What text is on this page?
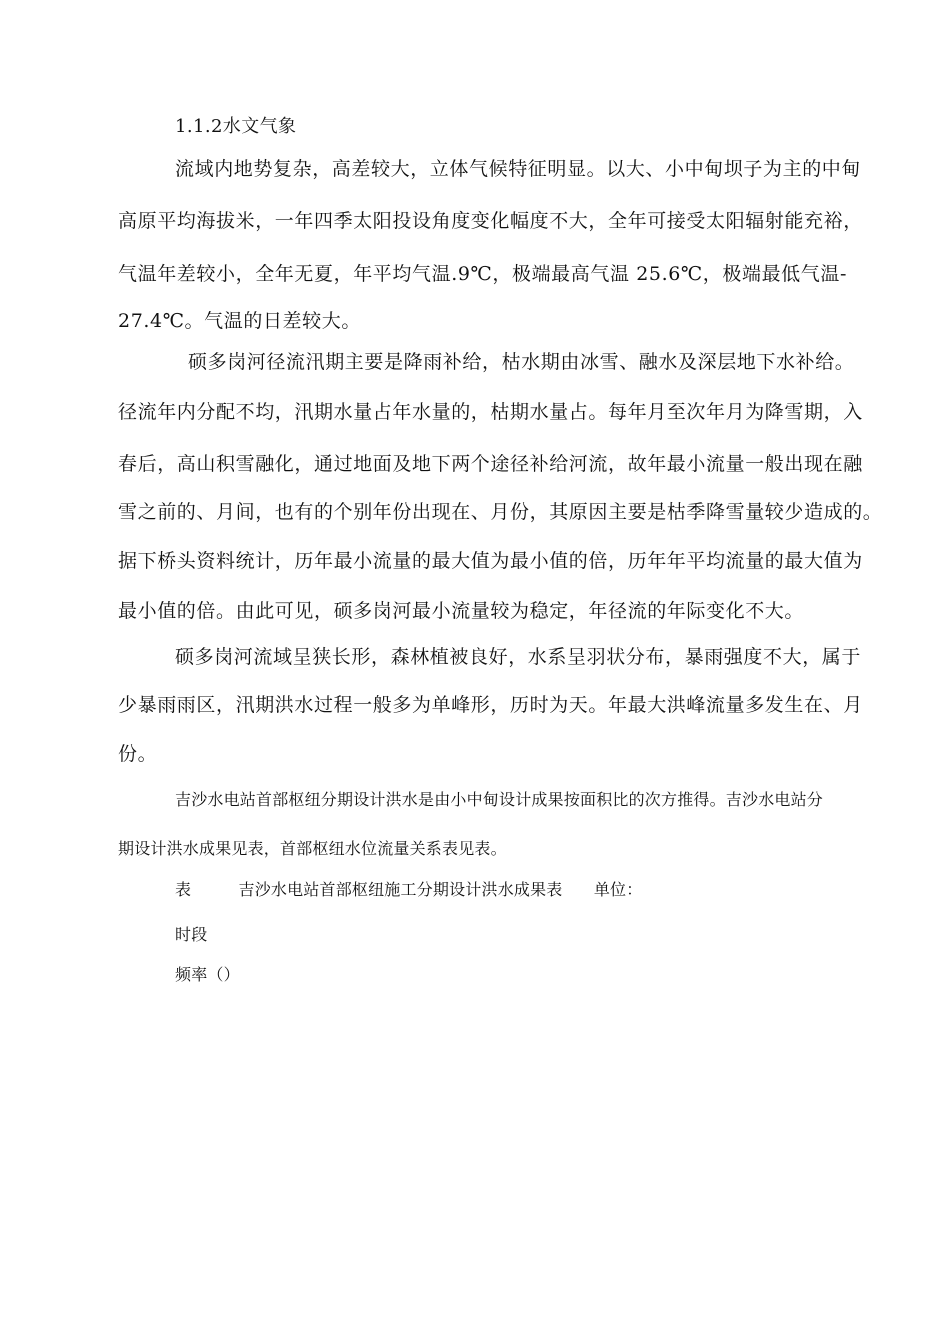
1.1.2水文气象
流域内地势复杂，高差较大，立体气候特征明显。以大、小中甸坝子为主的中甸
高原平均海拔米，一年四季太阳投设角度变化幅度不大，全年可接受太阳辐射能充裕，
气温年差较小，全年无夏，年平均气温.9℃，极端最高气温 25.6℃，极端最低气温-
27.4℃。气温的日差较大。
硕多岗河径流汛期主要是降雨补给，枯水期由冰雪、融水及深层地下水补给。
径流年内分配不均，汛期水量占年水量的，枯期水量占。每年月至次年月为降雪期，入
春后，高山积雪融化，通过地面及地下两个途径补给河流，故年最小流量一般出现在融
雪之前的、月间，也有的个别年份出现在、月份，其原因主要是枯季降雪量较少造成的。
据下桥头资料统计，历年最小流量的最大值为最小值的倍，历年年平均流量的最大值为
最小值的倍。由此可见，硕多岗河最小流量较为稳定，年径流的年际变化不大。
硕多岗河流域呈狭长形，森林植被良好，水系呈羽状分布，暴雨强度不大，属于
少暴雨雨区，汛期洪水过程一般多为单峰形，历时为天。年最大洪峰流量多发生在、月
份。
吉沙水电站首部枢纽分期设计洪水是由小中甸设计成果按面积比的次方推得。吉沙水电站分
期设计洪水成果见表，首部枢纽水位流量关系表见表。
表	吉沙水电站首部枢纽施工分期设计洪水成果表 单位：
时段
频率（）
